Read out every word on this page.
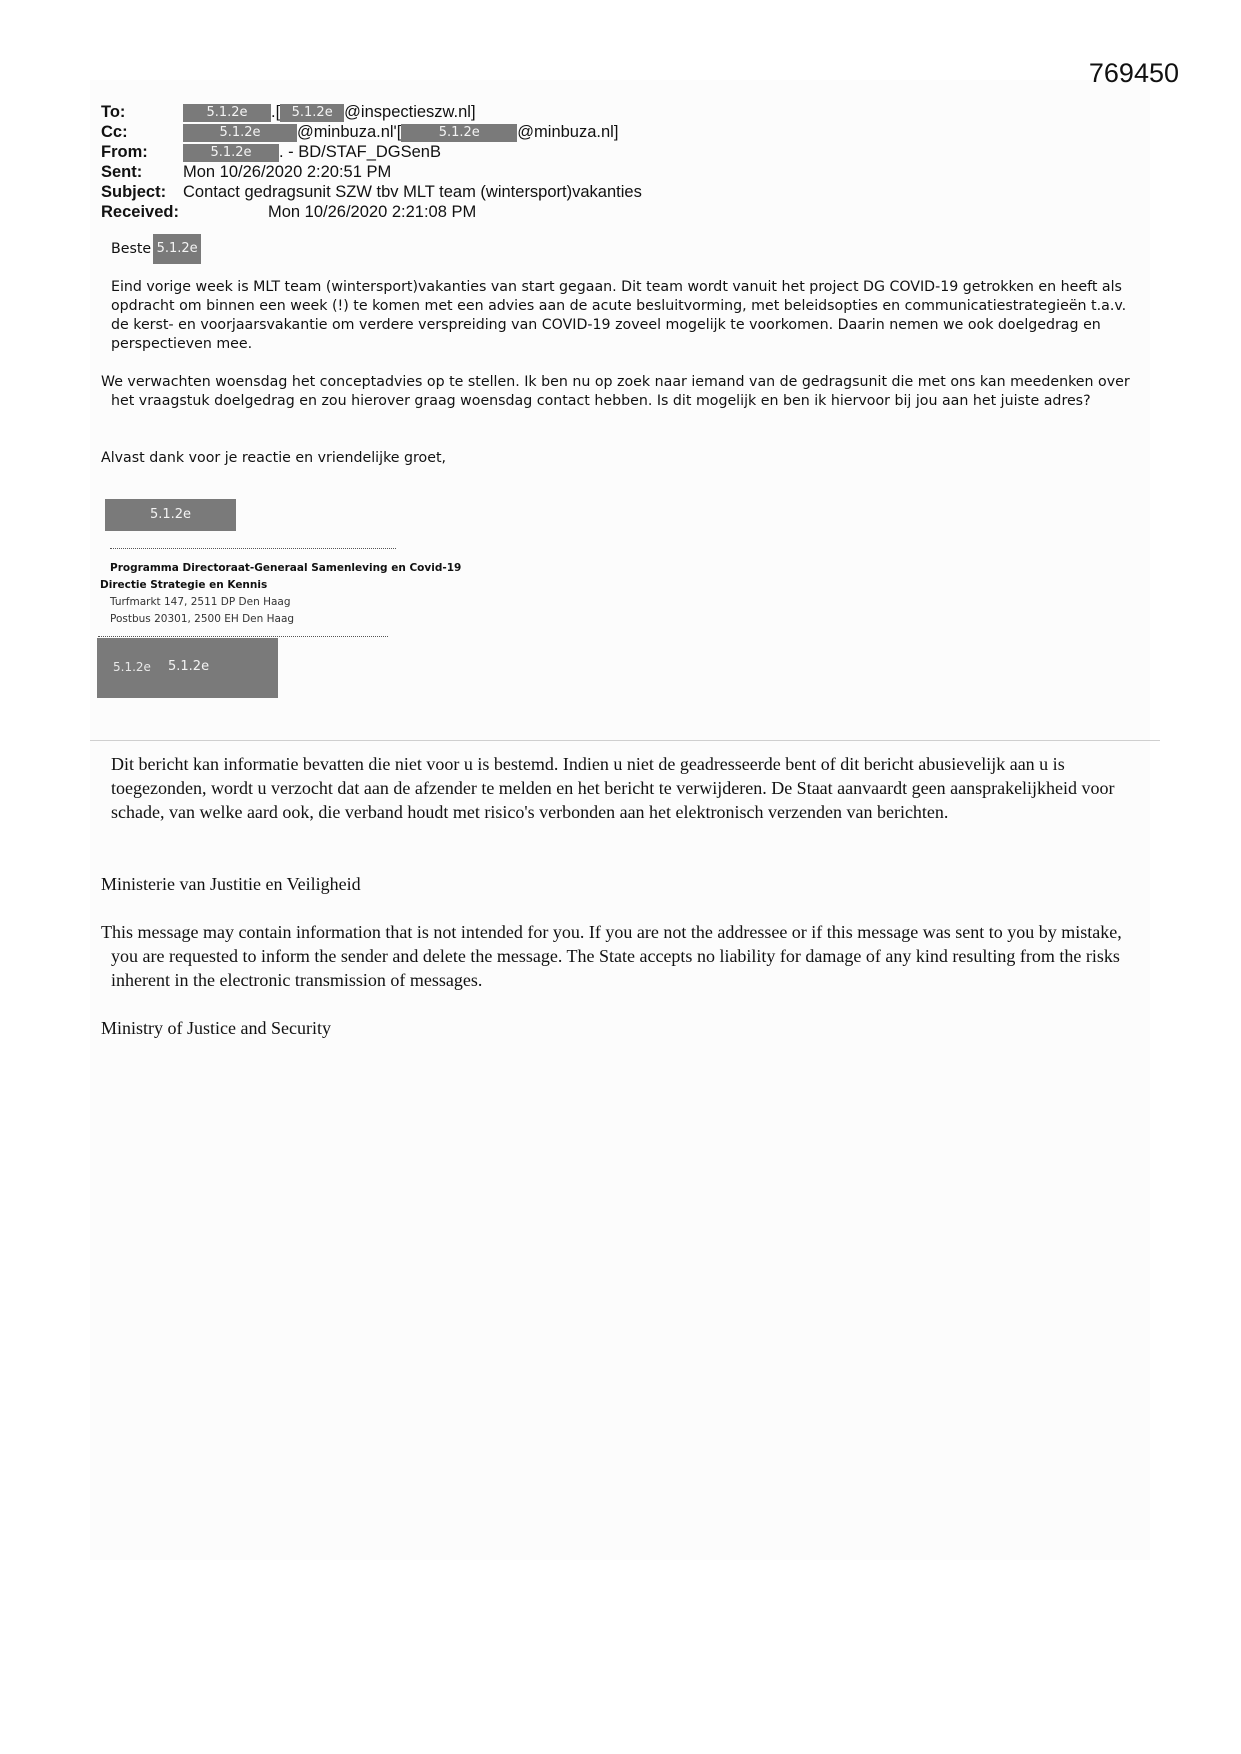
769450
To:	5.1.2e .[ 5.1.2e @inspectieszw.nl]
Cc:	5.1.2e @minbuza.nl'[	5.1.2e @minbuza.nl]
From:	5.1.2e . - BD/STAF_DGSenB
Sent: Mon 10/26/2020 2:20:51 PM
Subject: Contact gedragsunit SZW tbv MLT team (wintersport)vakanties
Received:	Mon 10/26/2020 2:21:08 PM
Beste 5.1.2e
Eind vorige week is MLT team (wintersport)vakanties van start gegaan. Dit team wordt vanuit het project DG COVID-19 getrokken en heeft als opdracht om binnen een week (!) te komen met een advies aan de acute besluitvorming, met beleidsopties en communicatiestrategieën t.a.v. de kerst- en voorjaarsvakantie om verdere verspreiding van COVID-19 zoveel mogelijk te voorkomen. Daarin nemen we ook doelgedrag en perspectieven mee.
We verwachten woensdag het conceptadvies op te stellen. Ik ben nu op zoek naar iemand van de gedragsunit die met ons kan meedenken over het vraagstuk doelgedrag en zou hierover graag woensdag contact hebben. Is dit mogelijk en ben ik hiervoor bij jou aan het juiste adres?
Alvast dank voor je reactie en vriendelijke groet,
5.1.2e
Programma Directoraat-Generaal Samenleving en Covid-19
Directie Strategie en Kennis
Turfmarkt 147, 2511 DP Den Haag
Postbus 20301, 2500 EH Den Haag
5.1.2e 5.1.2e
Dit bericht kan informatie bevatten die niet voor u is bestemd. Indien u niet de geadresseerde bent of dit bericht abusievelijk aan u is toegezonden, wordt u verzocht dat aan de afzender te melden en het bericht te verwijderen. De Staat aanvaardt geen aansprakelijkheid voor schade, van welke aard ook, die verband houdt met risico's verbonden aan het elektronisch verzenden van berichten.
Ministerie van Justitie en Veiligheid
This message may contain information that is not intended for you. If you are not the addressee or if this message was sent to you by mistake, you are requested to inform the sender and delete the message. The State accepts no liability for damage of any kind resulting from the risks inherent in the electronic transmission of messages.
Ministry of Justice and Security
